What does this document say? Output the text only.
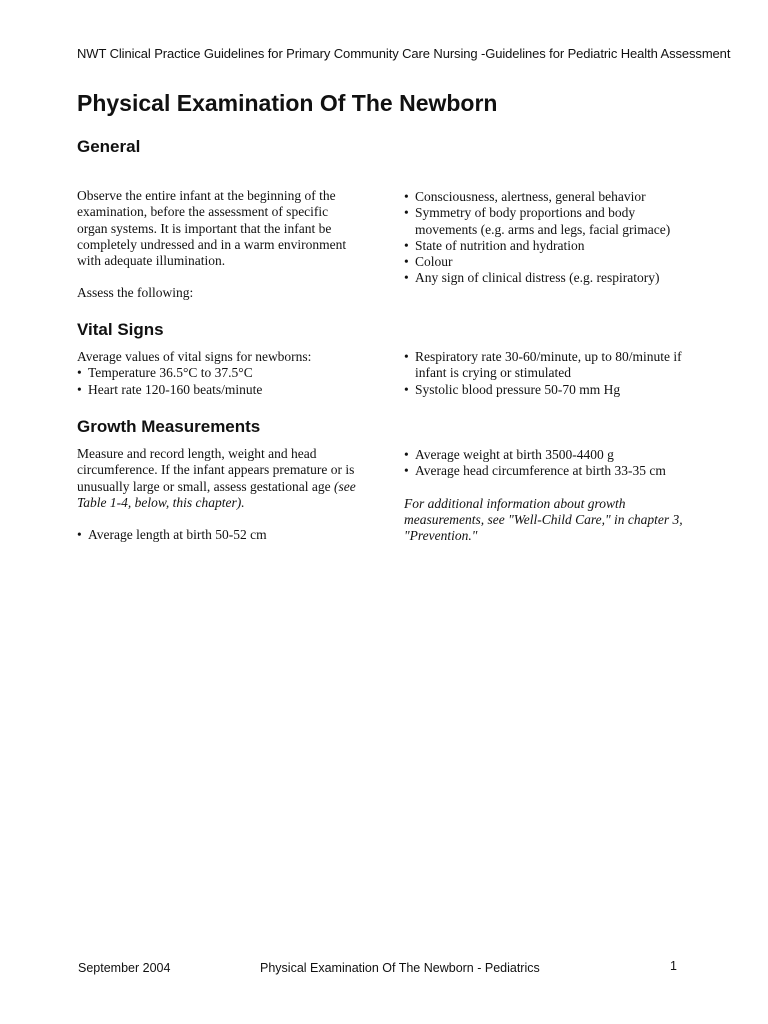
NWT Clinical Practice Guidelines for Primary Community Care Nursing -Guidelines for Pediatric Health Assessment
Physical Examination Of The Newborn
General

Observe the entire infant at the beginning of the examination, before the assessment of specific organ systems. It is important that the infant be completely undressed and in a warm environment with adequate illumination.

Assess the following:

• Consciousness, alertness, general behavior
• Symmetry of body proportions and body movements (e.g. arms and legs, facial grimace)
• State of nutrition and hydration
• Colour
• Any sign of clinical distress (e.g. respiratory)
Vital Signs

Average values of vital signs for newborns:

• Temperature 36.5°C to 37.5°C
• Heart rate 120-160 beats/minute
• Respiratory rate 30-60/minute, up to 80/minute if infant is crying or stimulated
• Systolic blood pressure 50-70 mm Hg
Growth Measurements

Measure and record length, weight and head circumference. If the infant appears premature or is unusually large or small, assess gestational age (see Table 1-4, below, this chapter).

• Average length at birth 50-52 cm
• Average weight at birth 3500-4400 g
• Average head circumference at birth 33-35 cm

For additional information about growth measurements, see "Well-Child Care," in chapter 3, "Prevention."

September 2004	Physical Examination Of The Newborn - Pediatrics	1
